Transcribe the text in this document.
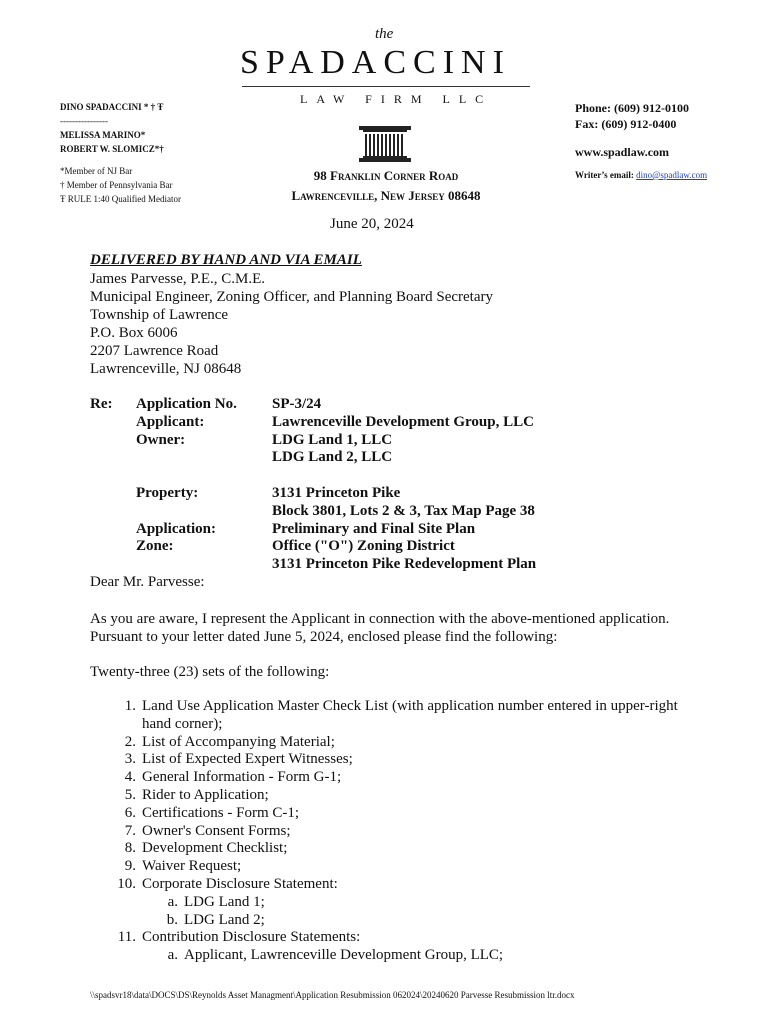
the
SPADACCINI
LAW FIRM LLC
DINO SPADACCINI * † Ŧ
----------------
MELISSA MARINO*
ROBERT W. SLOMICZ*†
*Member of NJ Bar
† Member of Pennsylvania Bar
Ŧ RULE 1:40 Qualified Mediator
98 Franklin Corner Road
Lawrenceville, New Jersey 08648
Phone: (609) 912-0100
Fax: (609) 912-0400
www.spadlaw.com
Writer’s email: dino@spadlaw.com
June 20, 2024
DELIVERED BY HAND AND VIA EMAIL
James Parvesse, P.E., C.M.E.
Municipal Engineer, Zoning Officer, and Planning Board Secretary
Township of Lawrence
P.O. Box 6006
2207 Lawrence Road
Lawrenceville, NJ 08648
Re: Application No.	SP-3/24
Applicant:	Lawrenceville Development Group, LLC
Owner:	LDG Land 1, LLC
LDG Land 2, LLC
Property:	3131 Princeton Pike
Block 3801, Lots 2 & 3, Tax Map Page 38
Application:	Preliminary and Final Site Plan
Zone:	Office ("O") Zoning District
3131 Princeton Pike Redevelopment Plan
Dear Mr. Parvesse:
As you are aware, I represent the Applicant in connection with the above-mentioned application. Pursuant to your letter dated June 5, 2024, enclosed please find the following:
Twenty-three (23) sets of the following:
1. Land Use Application Master Check List (with application number entered in upper-right hand corner);
2. List of Accompanying Material;
3. List of Expected Expert Witnesses;
4. General Information - Form G-1;
5. Rider to Application;
6. Certifications - Form C-1;
7. Owner's Consent Forms;
8. Development Checklist;
9. Waiver Request;
10. Corporate Disclosure Statement:
a. LDG Land 1;
b. LDG Land 2;
11. Contribution Disclosure Statements:
a. Applicant, Lawrenceville Development Group, LLC;
\\spadsvr18\data\DOCS\DS\Reynolds Asset Managment\Application Resubmission 062024\20240620 Parvesse Resubmission ltr.docx
